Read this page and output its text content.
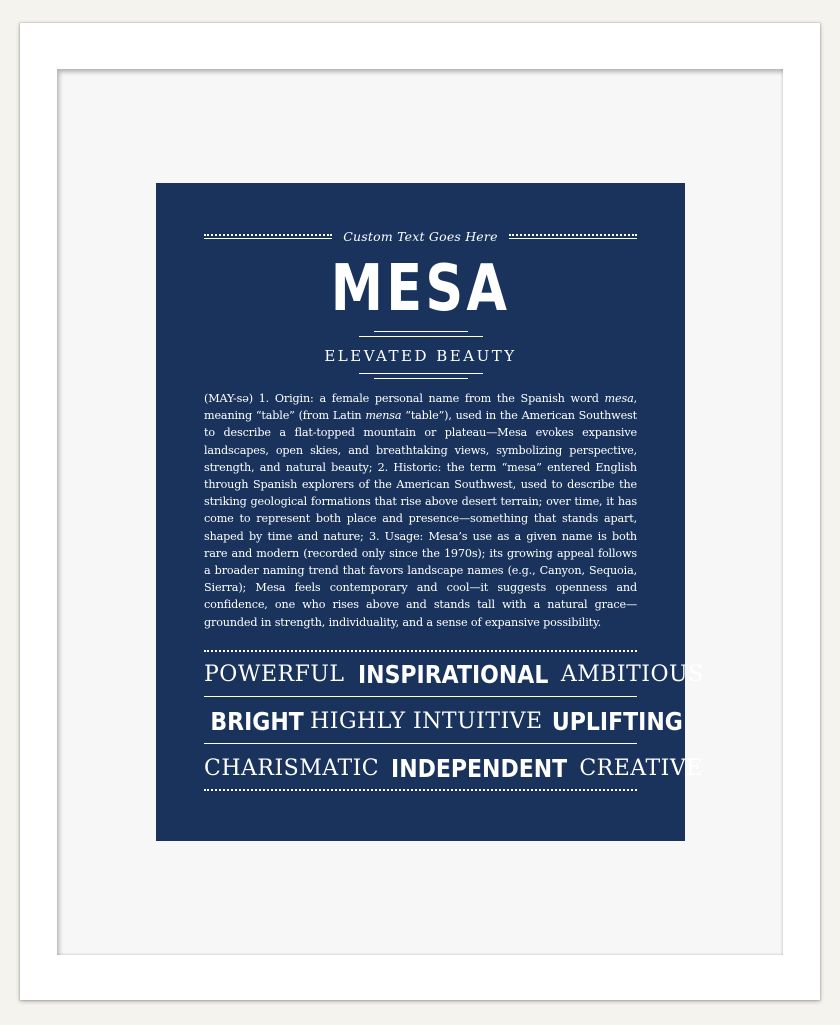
Custom Text Goes Here
MESA
ELEVATED BEAUTY
(MAY-sə) 1. Origin: a female personal name from the Spanish word mesa, meaning “table” (from Latin mensa “table”), used in the American Southwest to describe a flat-topped mountain or plateau—Mesa evokes expansive landscapes, open skies, and breathtaking views, symbolizing perspective, strength, and natural beauty; 2. Historic: the term “mesa” entered English through Spanish explorers of the American Southwest, used to describe the striking geological formations that rise above desert terrain; over time, it has come to represent both place and presence—something that stands apart, shaped by time and nature; 3. Usage: Mesa’s use as a given name is both rare and modern (recorded only since the 1970s); its growing appeal follows a broader naming trend that favors landscape names (e.g., Canyon, Sequoia, Sierra); Mesa feels contemporary and cool—it suggests openness and confidence, one who rises above and stands tall with a natural grace—grounded in strength, individuality, and a sense of expansive possibility.
POWERFUL INSPIRATIONAL AMBITIOUS
BRIGHT HIGHLY INTUITIVE UPLIFTING
CHARISMATIC INDEPENDENT CREATIVE
